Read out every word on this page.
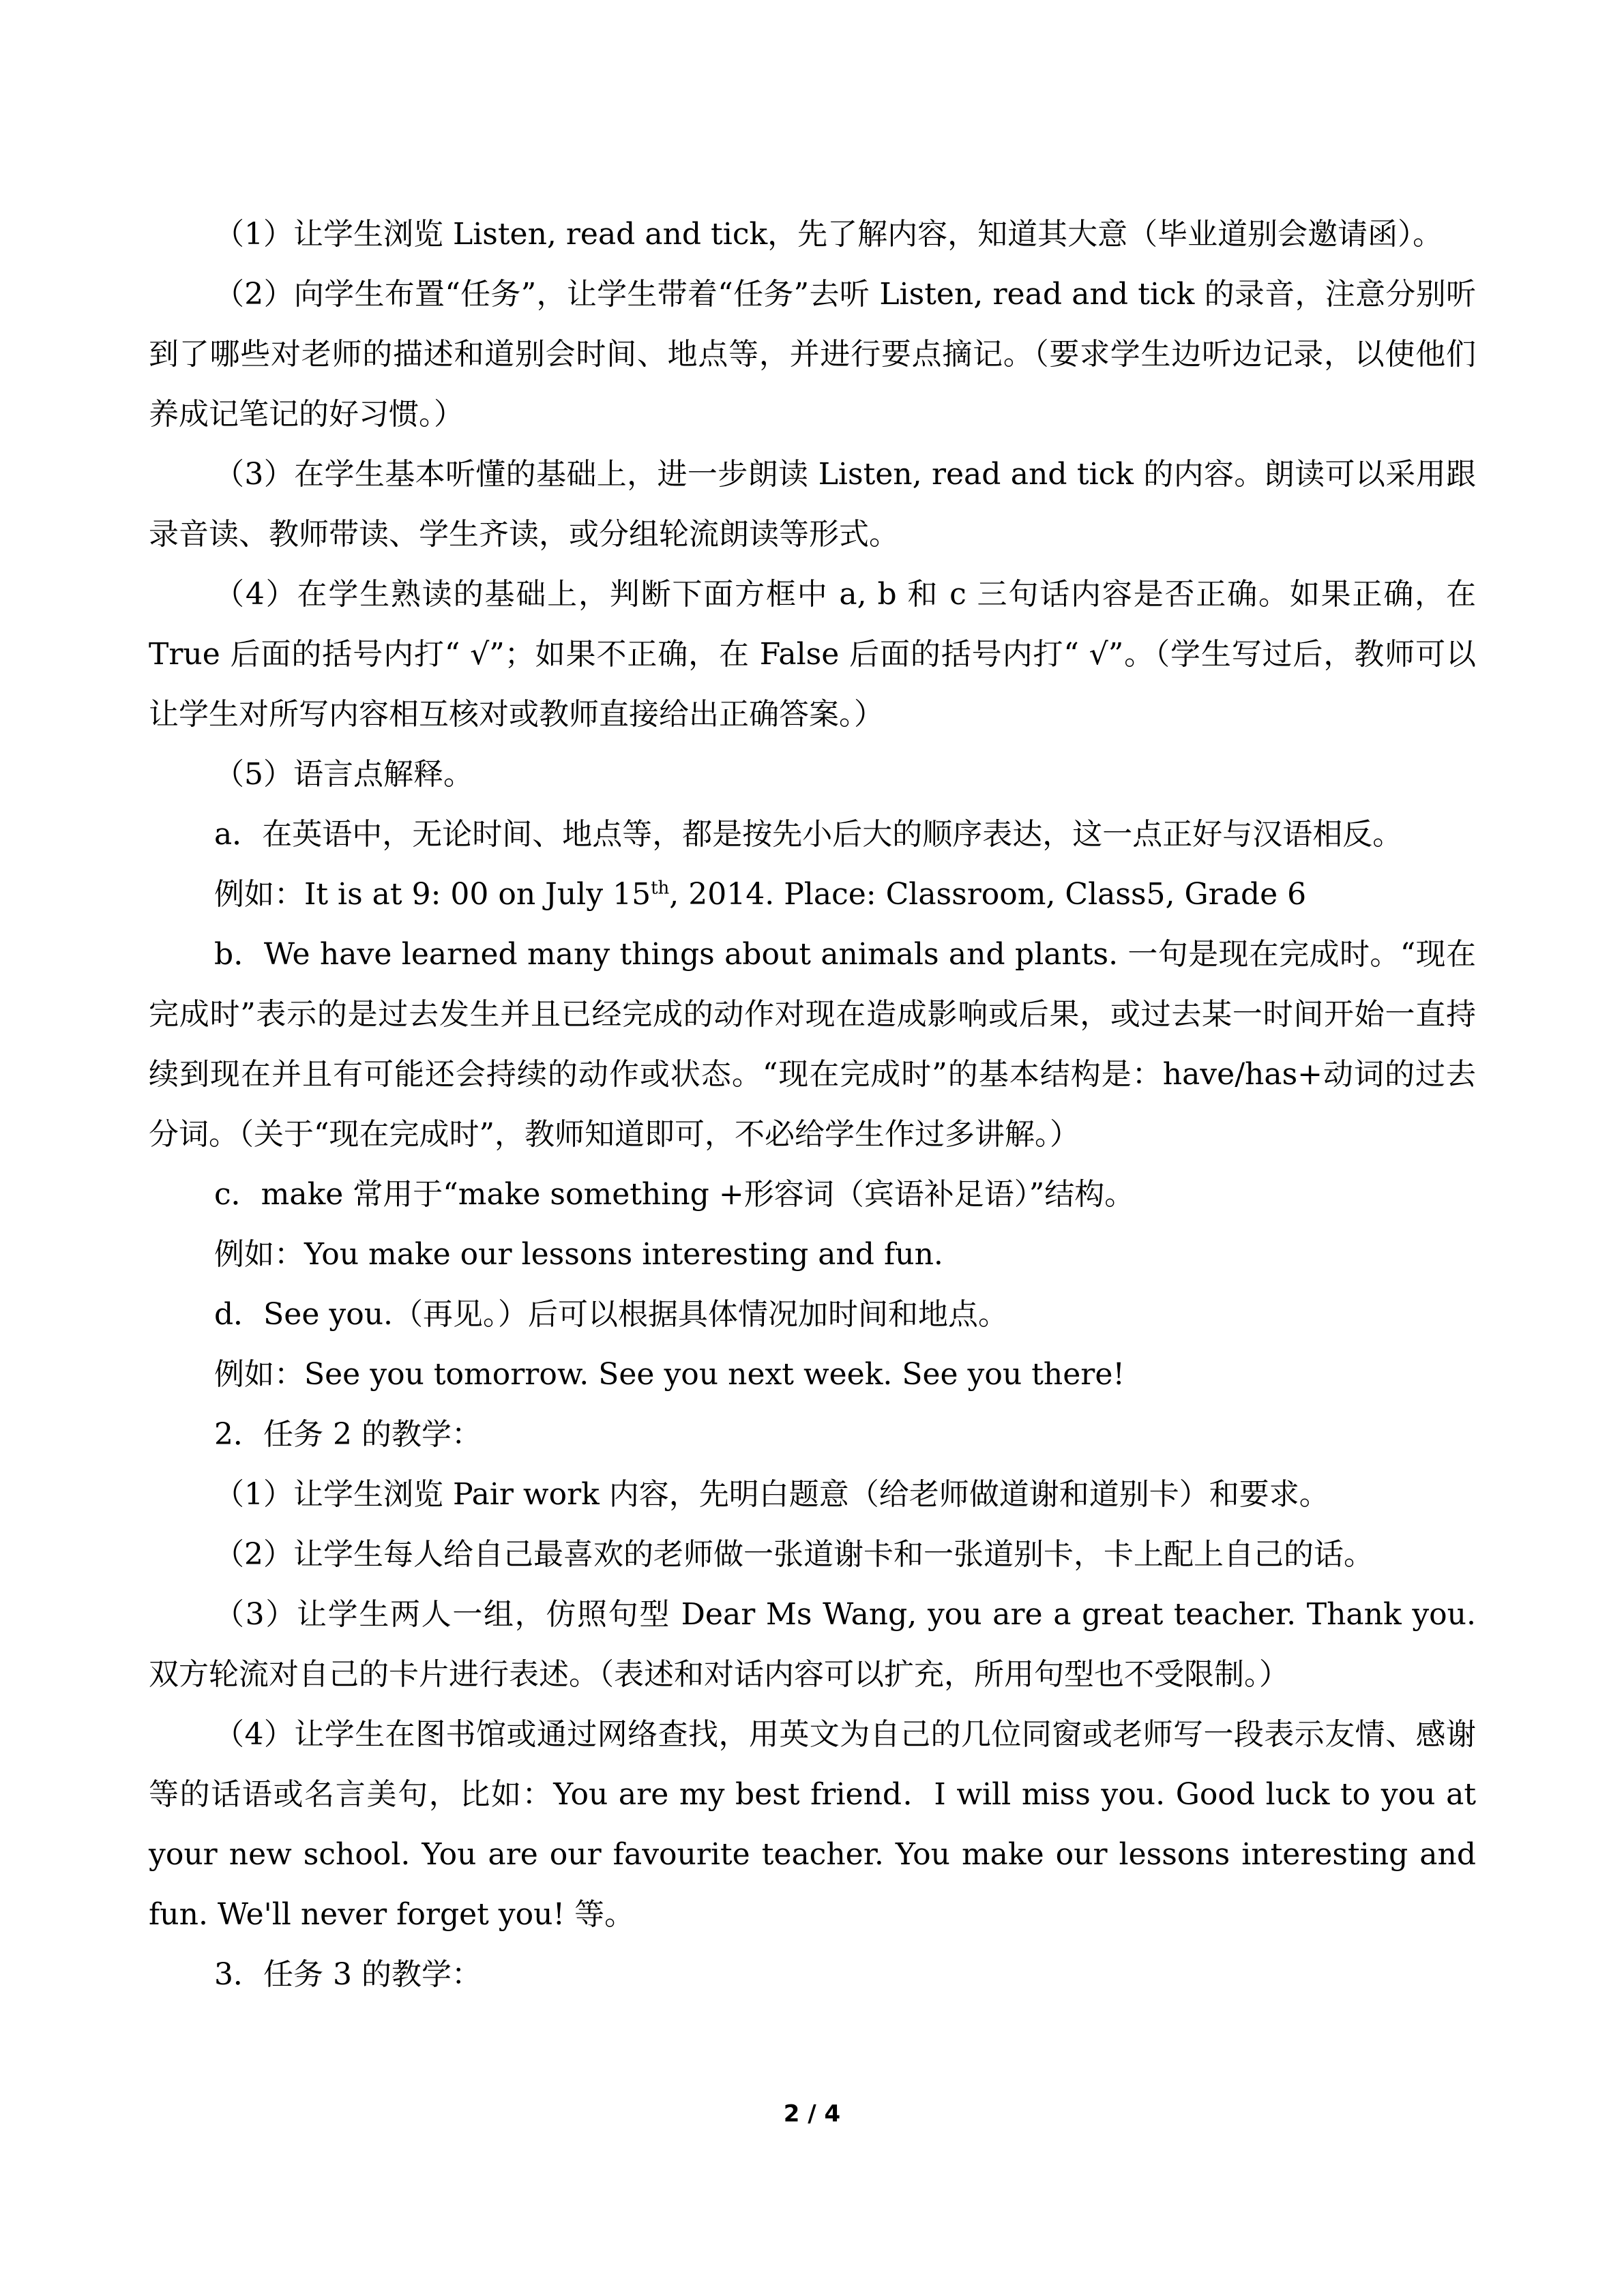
（1）让学生浏览 Listen, read and tick，先了解内容，知道其大意（毕业道别会邀请函）。

（2）向学生布置“任务”，让学生带着“任务”去听 Listen, read and tick 的录音，注意分别听到了哪些对老师的描述和道别会时间、地点等，并进行要点摘记。（要求学生边听边记录，以使他们养成记笔记的好习惯。）

（3）在学生基本听懂的基础上，进一步朗读 Listen, read and tick 的内容。朗读可以采用跟录音读、教师带读、学生齐读，或分组轮流朗读等形式。

（4）在学生熟读的基础上，判断下面方框中 a, b 和 c 三句话内容是否正确。如果正确，在 True 后面的括号内打“ √”；如果不正确，在 False 后面的括号内打“ √”。（学生写过后，教师可以让学生对所写内容相互核对或教师直接给出正确答案。）

（5）语言点解释。

a．在英语中，无论时间、地点等，都是按先小后大的顺序表达，这一点正好与汉语相反。

例如：It is at 9: 00 on July 15th, 2014. Place: Classroom, Class5, Grade 6

b．We have learned many things about animals and plants. 一句是现在完成时。“现在完成时”表示的是过去发生并且已经完成的动作对现在造成影响或后果，或过去某一时间开始一直持续到现在并且有可能还会持续的动作或状态。“现在完成时”的基本结构是：have/has+动词的过去分词。（关于“现在完成时”，教师知道即可，不必给学生作过多讲解。）

c．make 常用于“make something +形容词（宾语补足语）”结构。

例如：You make our lessons interesting and fun.

d．See you.（再见。）后可以根据具体情况加时间和地点。

例如：See you tomorrow. See you next week. See you there!

2．任务 2 的教学：

（1）让学生浏览 Pair work 内容，先明白题意（给老师做道谢和道别卡）和要求。

（2）让学生每人给自己最喜欢的老师做一张道谢卡和一张道别卡，卡上配上自己的话。

（3）让学生两人一组，仿照句型 Dear Ms Wang, you are a great teacher. Thank you. 双方轮流对自己的卡片进行表述。（表述和对话内容可以扩充，所用句型也不受限制。）

（4）让学生在图书馆或通过网络查找，用英文为自己的几位同窗或老师写一段表示友情、感谢等的话语或名言美句，比如：You are my best friend．I will miss you. Good luck to you at your new school. You are our favourite teacher. You make our lessons interesting and fun. We'll never forget you! 等。

3．任务 3 的教学：

2 / 4
